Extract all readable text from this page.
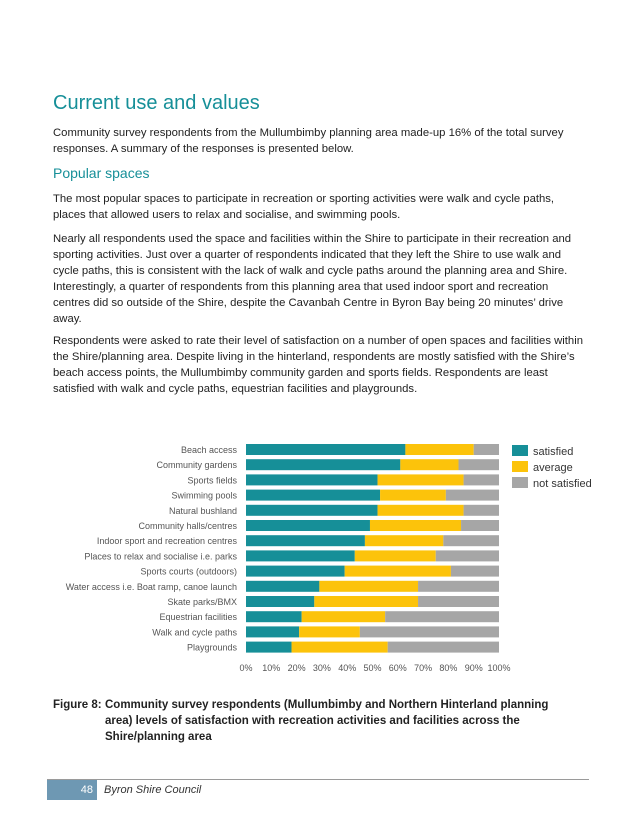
Current use and values

Community survey respondents from the Mullumbimby planning area made-up 16% of the total survey responses. A summary of the responses is presented below.

Popular spaces

The most popular spaces to participate in recreation or sporting activities were walk and cycle paths, places that allowed users to relax and socialise, and swimming pools.

Nearly all respondents used the space and facilities within the Shire to participate in their recreation and sporting activities. Just over a quarter of respondents indicated that they left the Shire to use walk and cycle paths, this is consistent with the lack of walk and cycle paths around the planning area and Shire. Interestingly, a quarter of respondents from this planning area that used indoor sport and recreation centres did so outside of the Shire, despite the Cavanbah Centre in Byron Bay being 20 minutes’ drive away.

Respondents were asked to rate their level of satisfaction on a number of open spaces and facilities within the Shire/planning area. Despite living in the hinterland, respondents are mostly satisfied with the Shire’s beach access points, the Mullumbimby community garden and sports fields. Respondents are least satisfied with walk and cycle paths, equestrian facilities and playgrounds.

Beach access
Community gardens
Sports fields
Swimming pools
Natural bushland
Community halls/centres
Indoor sport and recreation centres
Places to relax and socialise i.e. parks
Sports courts (outdoors)
Water access i.e. Boat ramp, canoe launch
Skate parks/BMX
Equestrian facilities
Walk and cycle paths
Playgrounds
0% 10% 20% 30% 40% 50% 60% 70% 80% 90% 100%
satisfied
average
not satisfied
Figure 8: Community survey respondents (Mullumbimby and Northern Hinterland planning area) levels of satisfaction with recreation activities and facilities across the Shire/planning area
48	Byron Shire Council
